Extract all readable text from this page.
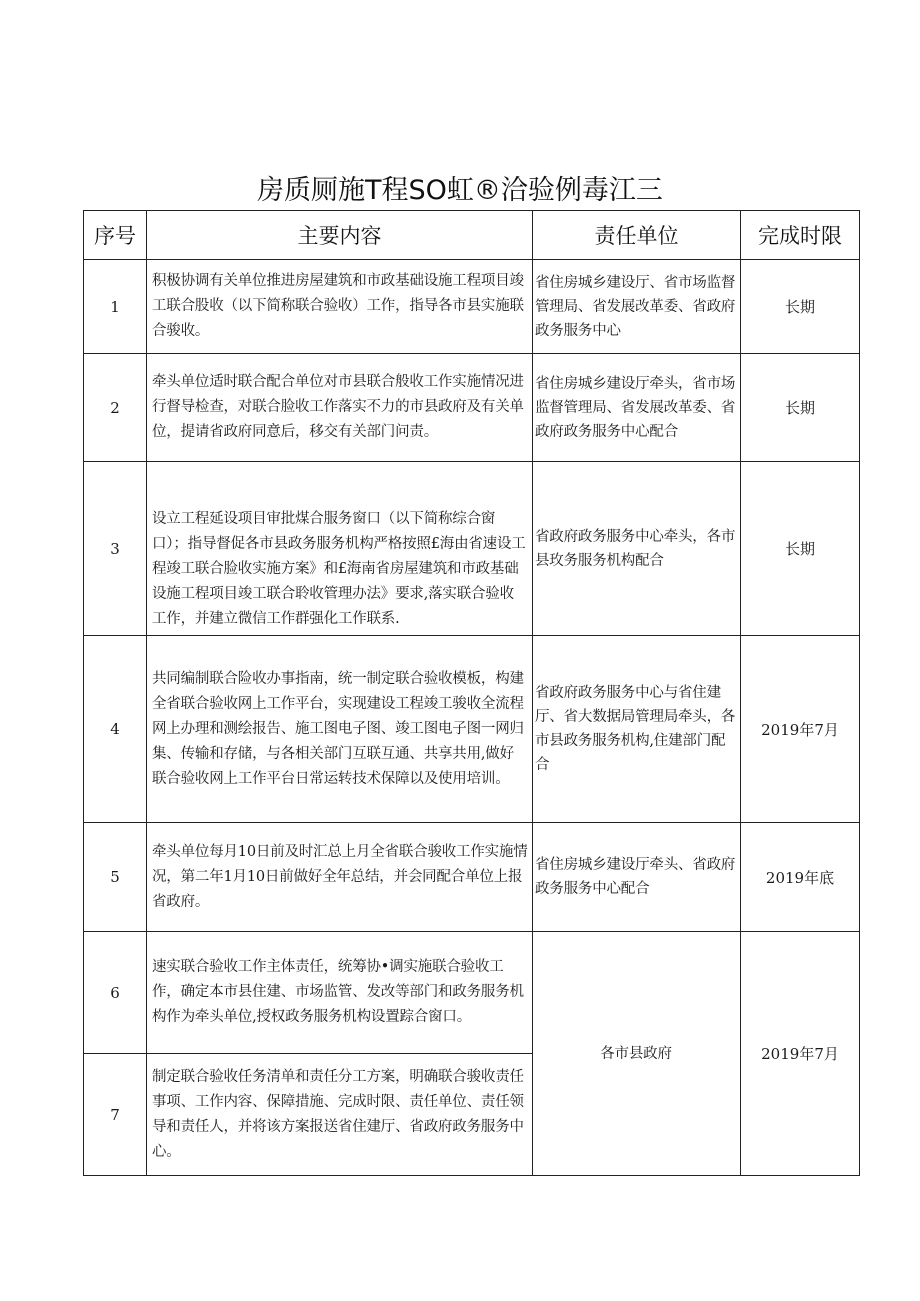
房质厕施T程SO虹®洽验例毒江三
序号	主要内容	责任单位	完成时限
1	积极协调有关单位推进房屋建筑和市政基础设施工程项目竣工联合股收（以下简称联合验收）工作，指导各市县实施联合骏收。	省住房城乡建设厅、省市场监督管理局、省发展改革委、省政府政务服务中心	长期
2	牵头单位适时联合配合单位对市县联合般收工作实施情况进行督导检查，对联合脸收工作落实不力的市县政府及有关单位，提请省政府同意后，移交有关部门问责。	省住房城乡建设厅牵头，省市场监督管理局、省发展改革委、省政府政务服务中心配合	长期
3	设立工程延设项目审批煤合服务窗口（以下简称综合窗口）；指导督促各市县政务服务机构严格按照£海由省速设工程竣工联合脸收实施方案》和£海南省房屋建筑和市政基础设施工程项目竣工联合聆收管理办法》要求,落实联合验收工作，并建立微信工作群强化工作联系.	省政府政务服务中心牵头，各市县玫务服务机构配合	长期
4	共同编制联合险收办事指南，统一制定联合验收模板，构建全省联合验收网上工作平台，实现建设工程竣工骏收全流程网上办理和测绘报告、施工图电子图、竣工图电子图一网归集、传输和存储，与各相关部门互联互通、共享共用,做好联合验收网上工作平台日常运转技术保障以及使用培训。	省政府政务服务中心与省住建厅、省大数据局管理局牵头，各市县政务服务机构,住建部门配合	2019年7月
5	牵头单位每月10日前及时汇总上月全省联合骏收工作实施情况，第二年1月10日前做好全年总结，并会同配合单位上报省政府。	省住房城乡建设厅牵头、省政府政务服务中心配合	2019年底
6	速实联合验收工作主体责任，统筹协•调实施联合验收工作，确定本市县住建、市场监管、发改等部门和政务服务机构作为牵头单位,授权政务服务机构设置踪合窗口。	各市县政府	2019年7月
7	制定联合验收任务清单和责任分工方案，明确联合骏收责任事项、工作内容、保障措施、完成时限、责任单位、责任领导和责任人，并将该方案报送省住建厅、省政府政务服务中心。		
